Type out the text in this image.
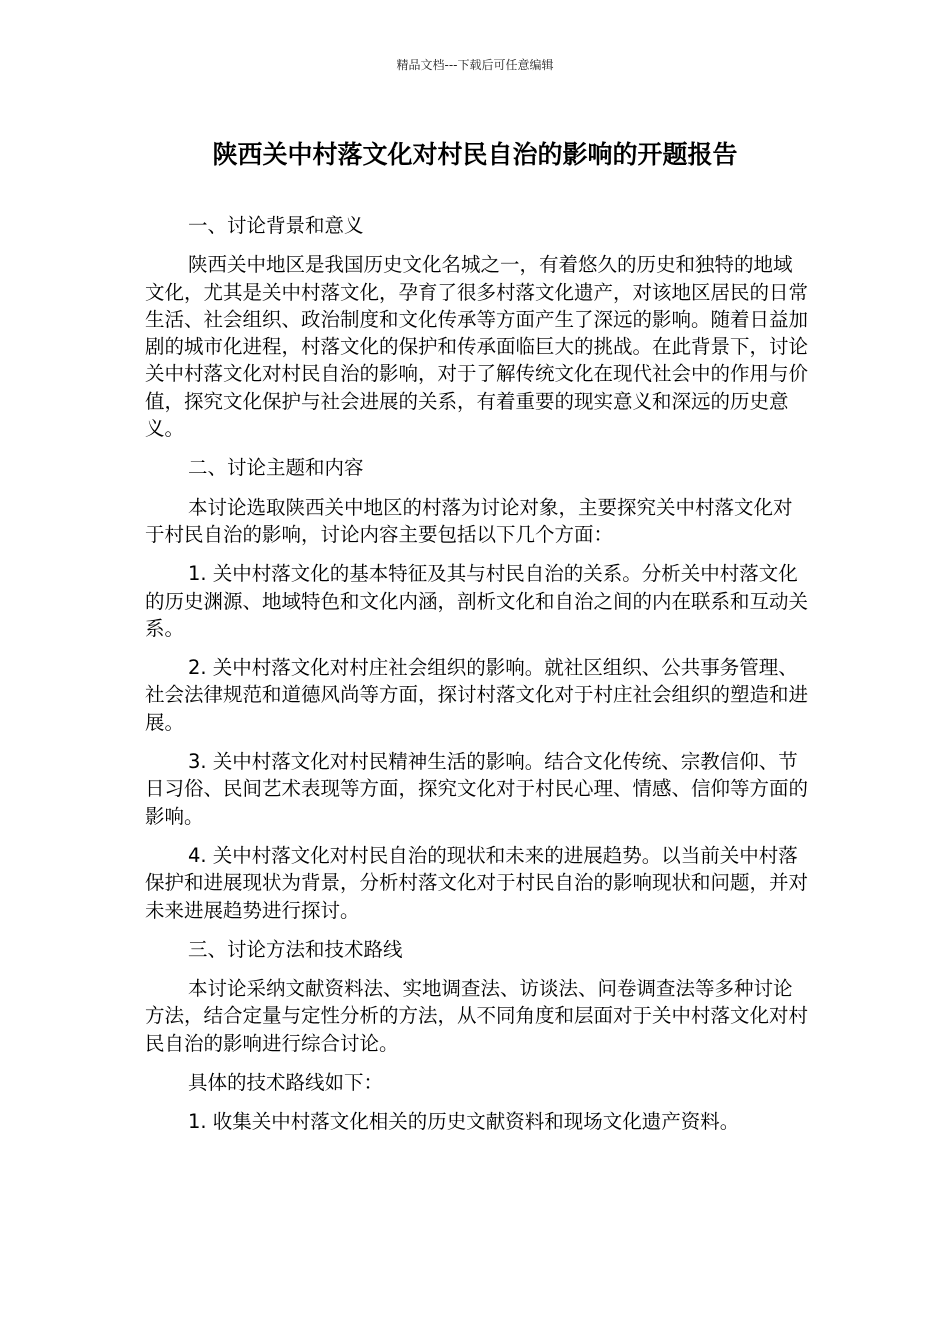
精品文档---下载后可任意编辑
陕西关中村落文化对村民自治的影响的开题报告

一、讨论背景和意义

陕西关中地区是我国历史文化名城之一，有着悠久的历史和独特的地域文化，尤其是关中村落文化，孕育了很多村落文化遗产，对该地区居民的日常生活、社会组织、政治制度和文化传承等方面产生了深远的影响。随着日益加剧的城市化进程，村落文化的保护和传承面临巨大的挑战。在此背景下，讨论关中村落文化对村民自治的影响，对于了解传统文化在现代社会中的作用与价值，探究文化保护与社会进展的关系，有着重要的现实意义和深远的历史意义。

二、讨论主题和内容

本讨论选取陕西关中地区的村落为讨论对象，主要探究关中村落文化对于村民自治的影响，讨论内容主要包括以下几个方面：

1. 关中村落文化的基本特征及其与村民自治的关系。分析关中村落文化的历史渊源、地域特色和文化内涵，剖析文化和自治之间的内在联系和互动关系。

2. 关中村落文化对村庄社会组织的影响。就社区组织、公共事务管理、社会法律规范和道德风尚等方面，探讨村落文化对于村庄社会组织的塑造和进展。

3. 关中村落文化对村民精神生活的影响。结合文化传统、宗教信仰、节日习俗、民间艺术表现等方面，探究文化对于村民心理、情感、信仰等方面的影响。

4. 关中村落文化对村民自治的现状和未来的进展趋势。以当前关中村落保护和进展现状为背景，分析村落文化对于村民自治的影响现状和问题，并对未来进展趋势进行探讨。

三、讨论方法和技术路线

本讨论采纳文献资料法、实地调查法、访谈法、问卷调查法等多种讨论方法，结合定量与定性分析的方法，从不同角度和层面对于关中村落文化对村民自治的影响进行综合讨论。

具体的技术路线如下：

1. 收集关中村落文化相关的历史文献资料和现场文化遗产资料。
